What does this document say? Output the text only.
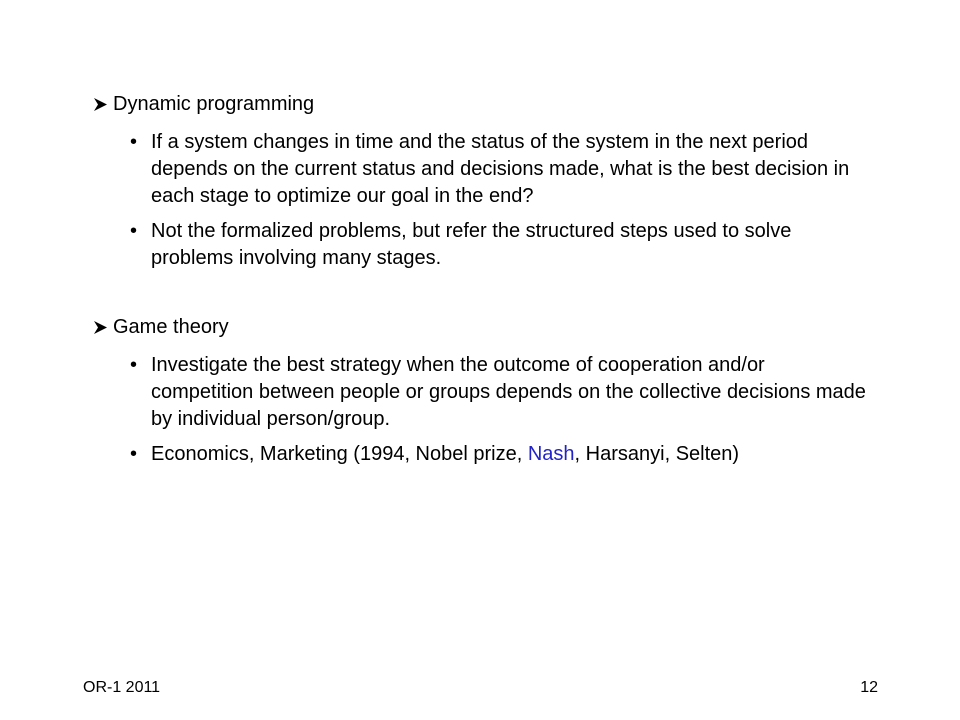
Dynamic programming
• If a system changes in time and the status of the system in the next period depends on the current status and decisions made, what is the best decision in each stage to optimize our goal in the end?
• Not the formalized problems, but refer the structured steps used to solve problems involving many stages.
Game theory
• Investigate the best strategy when the outcome of cooperation and/or competition between people or groups depends on the collective decisions made by individual person/group.
• Economics, Marketing (1994, Nobel prize, Nash, Harsanyi, Selten)
OR-1 2011	12
